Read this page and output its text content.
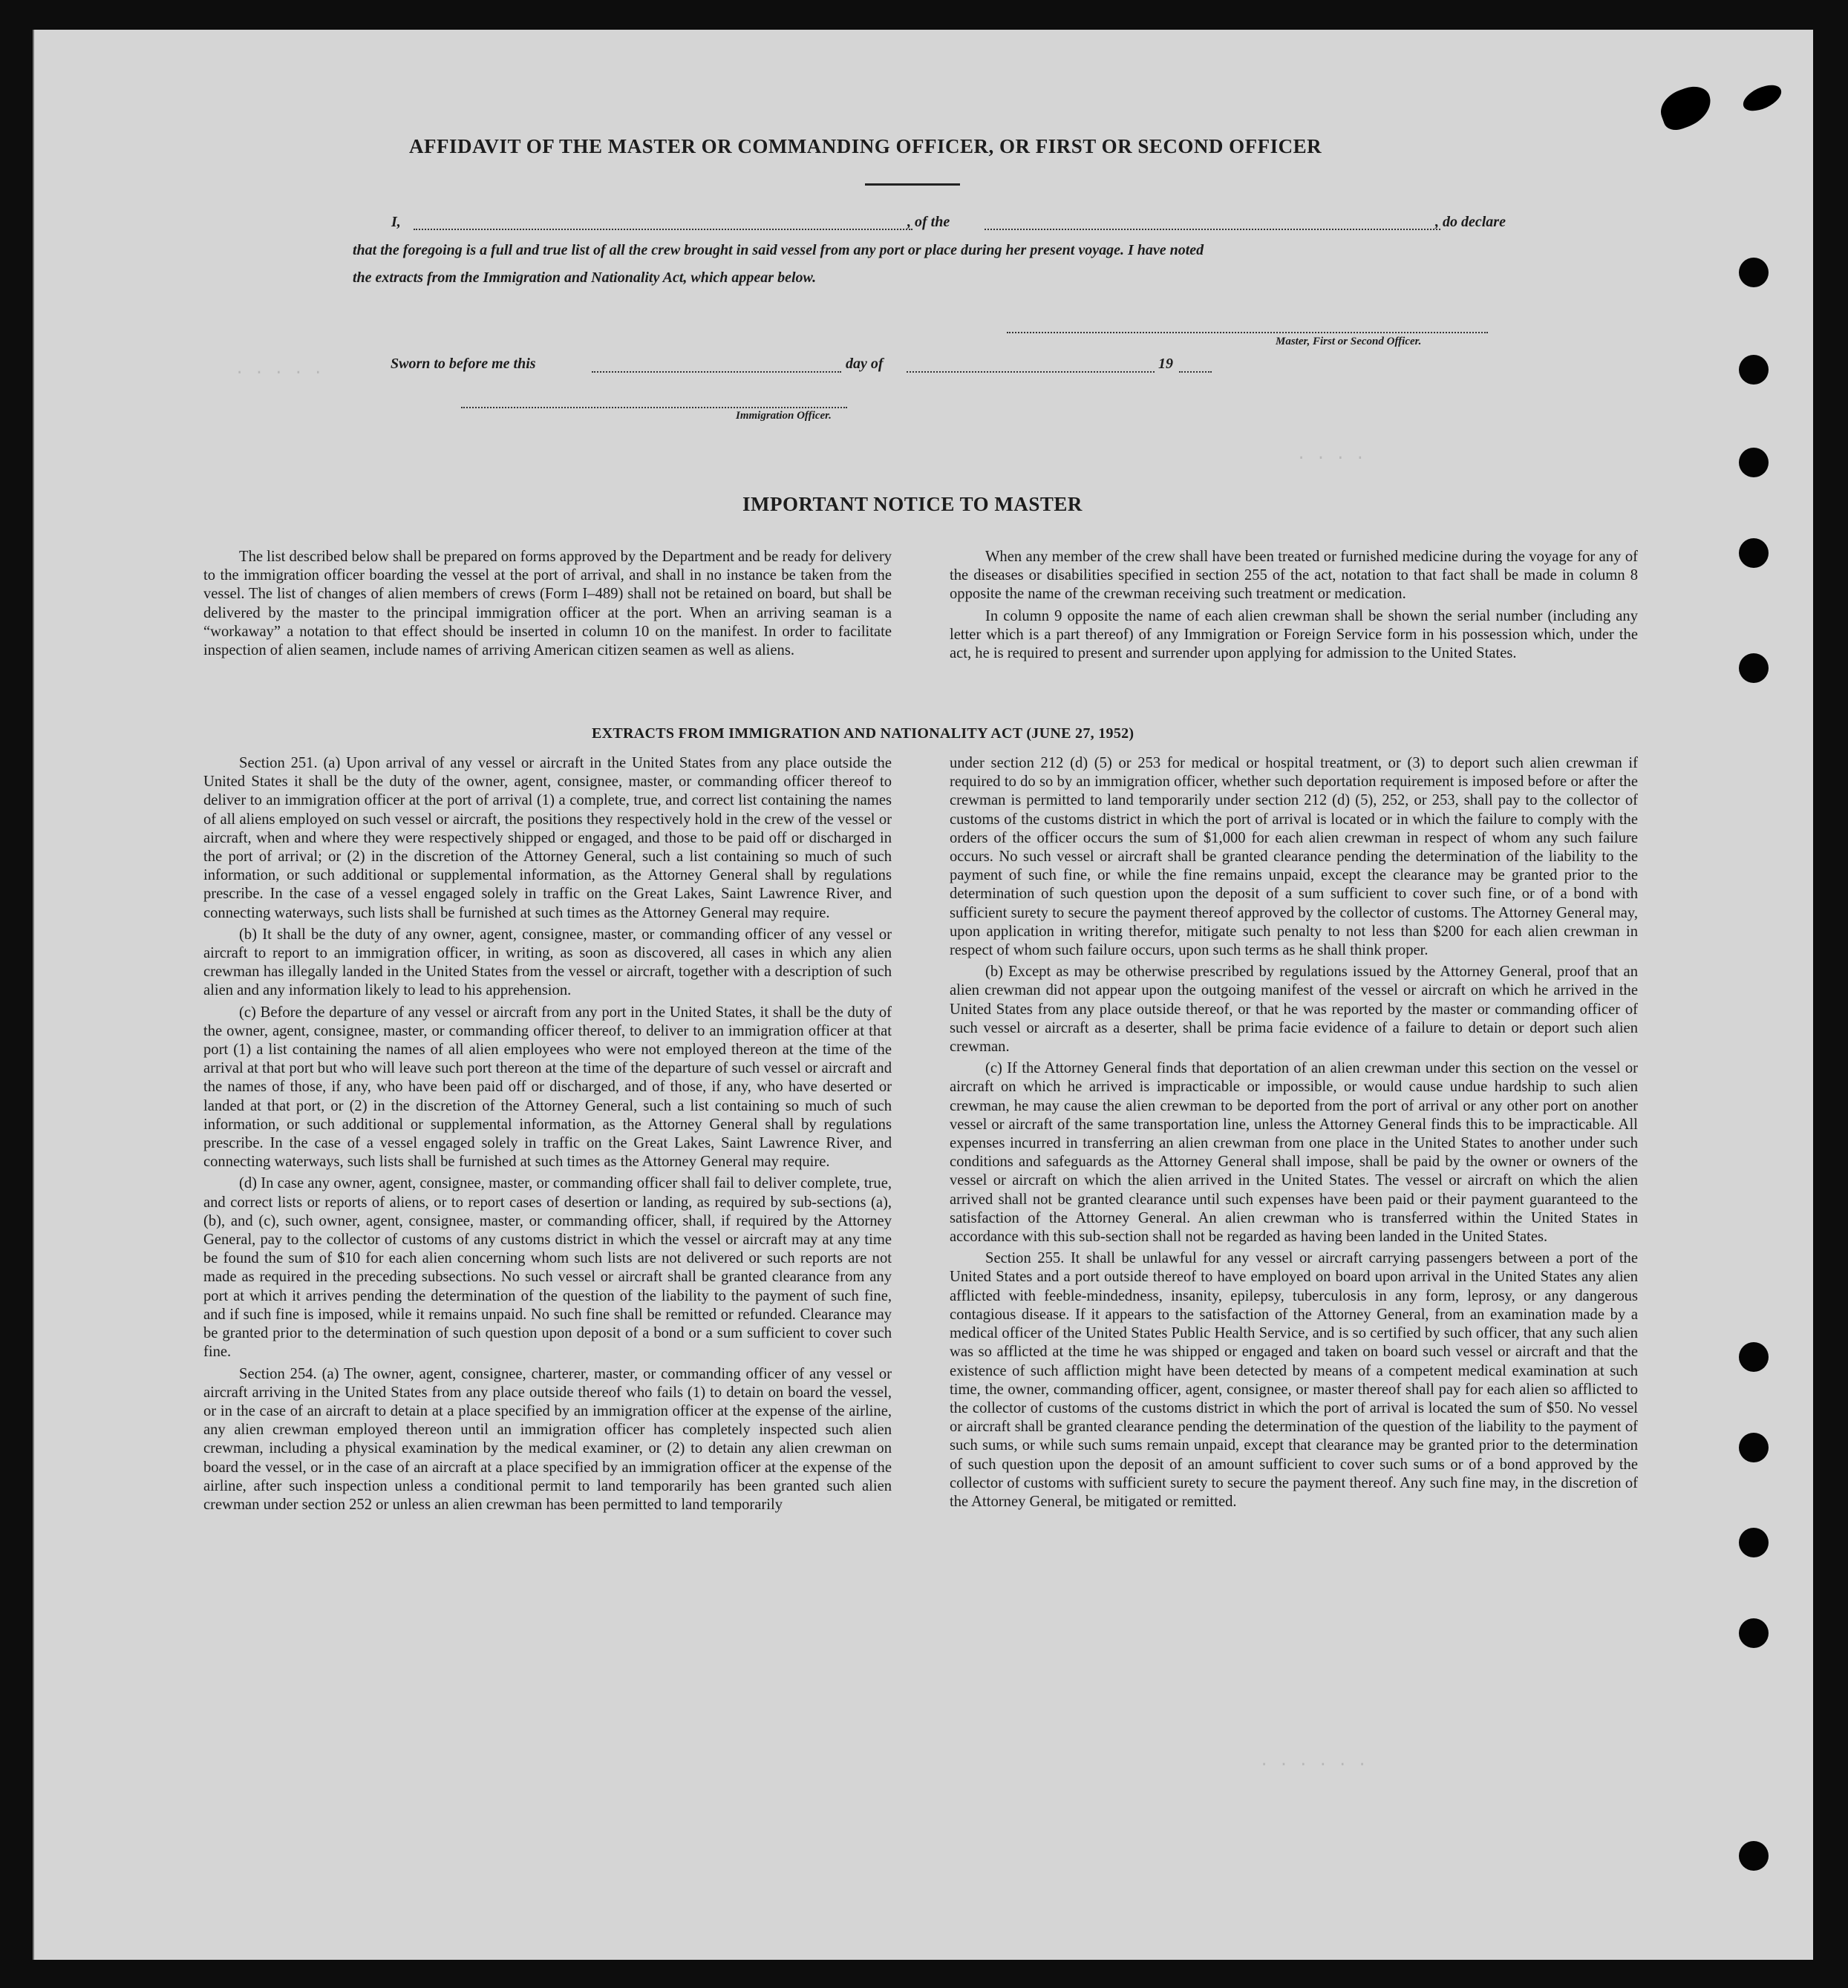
. . . . .
. . . .
. . . . . .
AFFIDAVIT OF THE MASTER OR COMMANDING OFFICER, OR FIRST OR SECOND OFFICER
I,	, of the	, do declare
that the foregoing is a full and true list of all the crew brought in said vessel from any port or place during her present voyage. I have noted
the extracts from the Immigration and Nationality Act, which appear below.
Master, First or Second Officer.
Sworn to before me this	day of	19
Immigration Officer.
IMPORTANT NOTICE TO MASTER

The list described below shall be prepared on forms approved by the Department and be ready for delivery to the immigration officer boarding the vessel at the port of arrival, and shall in no instance be taken from the vessel. The list of changes of alien members of crews (Form I–489) shall not be retained on board, but shall be delivered by the master to the principal immigration officer at the port. When an arriving seaman is a “workaway” a notation to that effect should be inserted in column 10 on the manifest. In order to facilitate inspection of alien seamen, include names of arriving American citizen seamen as well as aliens.

When any member of the crew shall have been treated or furnished medicine during the voyage for any of the diseases or disabilities specified in section 255 of the act, notation to that fact shall be made in column 8 opposite the name of the crewman receiving such treatment or medication.

In column 9 opposite the name of each alien crewman shall be shown the serial number (including any letter which is a part thereof) of any Immigration or Foreign Service form in his possession which, under the act, he is required to present and surrender upon applying for admission to the United States.

EXTRACTS FROM IMMIGRATION AND NATIONALITY ACT (JUNE 27, 1952)

Section 251. (a) Upon arrival of any vessel or aircraft in the United States from any place outside the United States it shall be the duty of the owner, agent, consignee, master, or commanding officer thereof to deliver to an immigration officer at the port of arrival (1) a complete, true, and correct list containing the names of all aliens employed on such vessel or aircraft, the positions they respectively hold in the crew of the vessel or aircraft, when and where they were respectively shipped or engaged, and those to be paid off or discharged in the port of arrival; or (2) in the discretion of the Attorney General, such a list containing so much of such information, or such additional or supplemental information, as the Attorney General shall by regulations prescribe. In the case of a vessel engaged solely in traffic on the Great Lakes, Saint Lawrence River, and connecting waterways, such lists shall be furnished at such times as the Attorney General may require.

(b) It shall be the duty of any owner, agent, consignee, master, or commanding officer of any vessel or aircraft to report to an immigration officer, in writing, as soon as discovered, all cases in which any alien crewman has illegally landed in the United States from the vessel or aircraft, together with a description of such alien and any information likely to lead to his apprehension.

(c) Before the departure of any vessel or aircraft from any port in the United States, it shall be the duty of the owner, agent, consignee, master, or commanding officer thereof, to deliver to an immigration officer at that port (1) a list containing the names of all alien employees who were not employed thereon at the time of the arrival at that port but who will leave such port thereon at the time of the departure of such vessel or aircraft and the names of those, if any, who have been paid off or discharged, and of those, if any, who have deserted or landed at that port, or (2) in the discretion of the Attorney General, such a list containing so much of such information, or such additional or supplemental information, as the Attorney General shall by regulations prescribe. In the case of a vessel engaged solely in traffic on the Great Lakes, Saint Lawrence River, and connecting waterways, such lists shall be furnished at such times as the Attorney General may require.

(d) In case any owner, agent, consignee, master, or commanding officer shall fail to deliver complete, true, and correct lists or reports of aliens, or to report cases of desertion or landing, as required by sub-sections (a), (b), and (c), such owner, agent, consignee, master, or commanding officer, shall, if required by the Attorney General, pay to the collector of customs of any customs district in which the vessel or aircraft may at any time be found the sum of $10 for each alien concerning whom such lists are not delivered or such reports are not made as required in the preceding subsections. No such vessel or aircraft shall be granted clearance from any port at which it arrives pending the determination of the question of the liability to the payment of such fine, and if such fine is imposed, while it remains unpaid. No such fine shall be remitted or refunded. Clearance may be granted prior to the determination of such question upon deposit of a bond or a sum sufficient to cover such fine.

Section 254. (a) The owner, agent, consignee, charterer, master, or commanding officer of any vessel or aircraft arriving in the United States from any place outside thereof who fails (1) to detain on board the vessel, or in the case of an aircraft to detain at a place specified by an immigration officer at the expense of the airline, any alien crewman employed thereon until an immigration officer has completely inspected such alien crewman, including a physical examination by the medical examiner, or (2) to detain any alien crewman on board the vessel, or in the case of an aircraft at a place specified by an immigration officer at the expense of the airline, after such inspection unless a conditional permit to land temporarily has been granted such alien crewman under section 252 or unless an alien crewman has been permitted to land temporarily

under section 212 (d) (5) or 253 for medical or hospital treatment, or (3) to deport such alien crewman if required to do so by an immigration officer, whether such deportation requirement is imposed before or after the crewman is permitted to land temporarily under section 212 (d) (5), 252, or 253, shall pay to the collector of customs of the customs district in which the port of arrival is located or in which the failure to comply with the orders of the officer occurs the sum of $1,000 for each alien crewman in respect of whom any such failure occurs. No such vessel or aircraft shall be granted clearance pending the determination of the liability to the payment of such fine, or while the fine remains unpaid, except the clearance may be granted prior to the determination of such question upon the deposit of a sum sufficient to cover such fine, or of a bond with sufficient surety to secure the payment thereof approved by the collector of customs. The Attorney General may, upon application in writing therefor, mitigate such penalty to not less than $200 for each alien crewman in respect of whom such failure occurs, upon such terms as he shall think proper.

(b) Except as may be otherwise prescribed by regulations issued by the Attorney General, proof that an alien crewman did not appear upon the outgoing manifest of the vessel or aircraft on which he arrived in the United States from any place outside thereof, or that he was reported by the master or commanding officer of such vessel or aircraft as a deserter, shall be prima facie evidence of a failure to detain or deport such alien crewman.

(c) If the Attorney General finds that deportation of an alien crewman under this section on the vessel or aircraft on which he arrived is impracticable or impossible, or would cause undue hardship to such alien crewman, he may cause the alien crewman to be deported from the port of arrival or any other port on another vessel or aircraft of the same transportation line, unless the Attorney General finds this to be impracticable. All expenses incurred in transferring an alien crewman from one place in the United States to another under such conditions and safeguards as the Attorney General shall impose, shall be paid by the owner or owners of the vessel or aircraft on which the alien arrived in the United States. The vessel or aircraft on which the alien arrived shall not be granted clearance until such expenses have been paid or their payment guaranteed to the satisfaction of the Attorney General. An alien crewman who is transferred within the United States in accordance with this sub-section shall not be regarded as having been landed in the United States.

Section 255. It shall be unlawful for any vessel or aircraft carrying passengers between a port of the United States and a port outside thereof to have employed on board upon arrival in the United States any alien afflicted with feeble-mindedness, insanity, epilepsy, tuberculosis in any form, leprosy, or any dangerous contagious disease. If it appears to the satisfaction of the Attorney General, from an examination made by a medical officer of the United States Public Health Service, and is so certified by such officer, that any such alien was so afflicted at the time he was shipped or engaged and taken on board such vessel or aircraft and that the existence of such affliction might have been detected by means of a competent medical examination at such time, the owner, commanding officer, agent, consignee, or master thereof shall pay for each alien so afflicted to the collector of customs of the customs district in which the port of arrival is located the sum of $50. No vessel or aircraft shall be granted clearance pending the determination of the question of the liability to the payment of such sums, or while such sums remain unpaid, except that clearance may be granted prior to the determination of such question upon the deposit of an amount sufficient to cover such sums or of a bond approved by the collector of customs with sufficient surety to secure the payment thereof. Any such fine may, in the discretion of the Attorney General, be mitigated or remitted.
